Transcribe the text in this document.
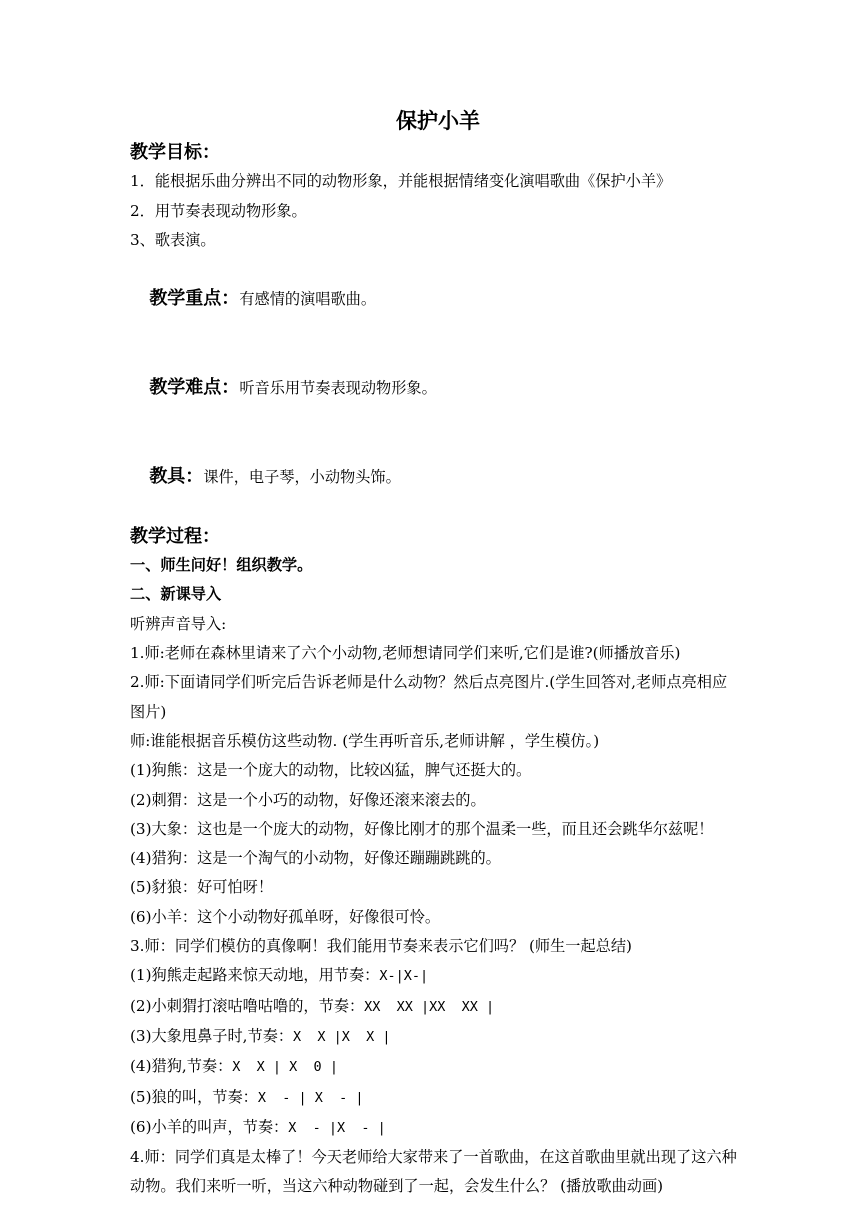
保护小羊
教学目标：
1．能根据乐曲分辨出不同的动物形象，并能根据情绪变化演唱歌曲《保护小羊》
2．用节奏表现动物形象。
3、歌表演。

教学重点：有感情的演唱歌曲。

教学难点：听音乐用节奏表现动物形象。

教具：课件，电子琴，小动物头饰。

教学过程：
一、师生问好！组织教学。
二、新课导入
听辨声音导入:
1.师:老师在森林里请来了六个小动物,老师想请同学们来听,它们是谁?(师播放音乐)
2.师:下面请同学们听完后告诉老师是什么动物？然后点亮图片.(学生回答对,老师点亮相应图片)
师:谁能根据音乐模仿这些动物. (学生再听音乐,老师讲解 ，学生模仿。)
(1)狗熊：这是一个庞大的动物，比较凶猛，脾气还挺大的。
(2)刺猬：这是一个小巧的动物，好像还滚来滚去的。
(3)大象：这也是一个庞大的动物，好像比刚才的那个温柔一些，而且还会跳华尔兹呢！
(4)猎狗：这是一个淘气的小动物，好像还蹦蹦跳跳的。
(5)豺狼：好可怕呀！
(6)小羊：这个小动物好孤单呀，好像很可怜。
3.师：同学们模仿的真像啊！我们能用节奏来表示它们吗？ (师生一起总结)
(1)狗熊走起路来惊天动地，用节奏：X-|X-|
(2)小刺猬打滚咕噜咕噜的，节奏：XX  XX |XX  XX |
(3)大象甩鼻子时,节奏：X  X |X  X |
(4)猎狗,节奏：X  X | X  0 |
(5)狼的叫，节奏：X  - | X  - |
(6)小羊的叫声，节奏：X  - |X  - |
4.师：同学们真是太棒了！今天老师给大家带来了一首歌曲，在这首歌曲里就出现了这六种动物。我们来听一听，当这六种动物碰到了一起，会发生什么？ (播放歌曲动画)
